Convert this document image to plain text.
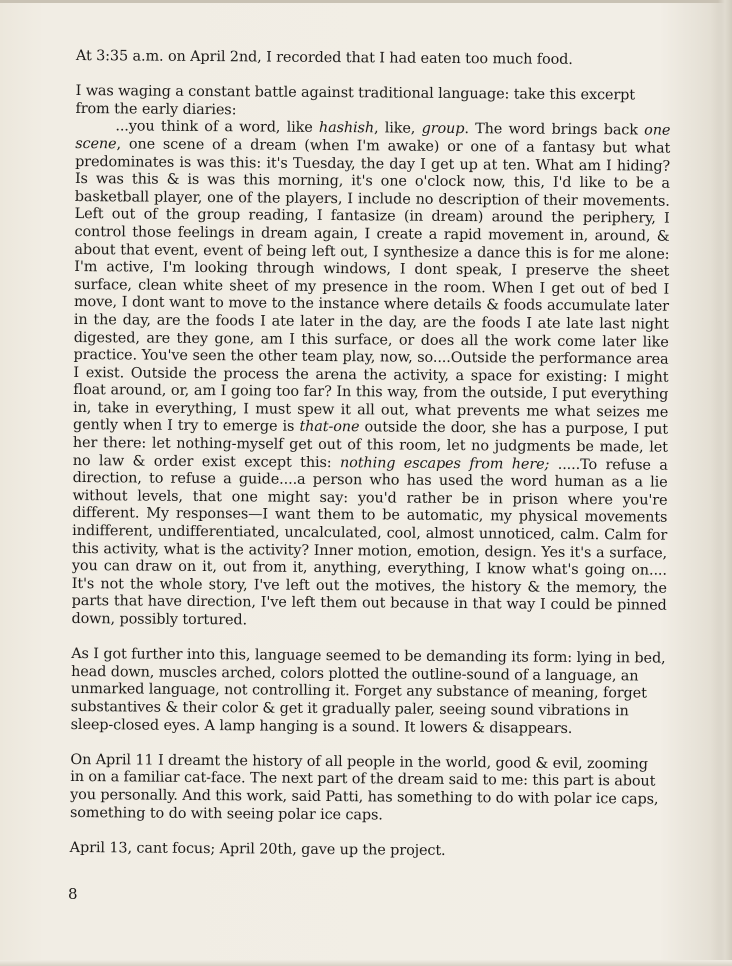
At 3:35 a.m. on April 2nd, I recorded that I had eaten too much food.

I was waging a constant battle against traditional language: take this excerpt from the early diaries:

...you think of a word, like hashish, like, group. The word brings back one scene, one scene of a dream (when I'm awake) or one of a fantasy but what predominates is was this: it's Tuesday, the day I get up at ten. What am I hiding? Is was this & is was this morning, it's one o'clock now, this, I'd like to be a basketball player, one of the players, I include no description of their movements. Left out of the group reading, I fantasize (in dream) around the periphery, I control those feelings in dream again, I create a rapid movement in, around, & about that event, event of being left out, I synthesize a dance this is for me alone: I'm active, I'm looking through windows, I dont speak, I preserve the sheet surface, clean white sheet of my presence in the room. When I get out of bed I move, I dont want to move to the instance where details & foods accumulate later in the day, are the foods I ate later in the day, are the foods I ate late last night digested, are they gone, am I this surface, or does all the work come later like practice. You've seen the other team play, now, so....Outside the performance area I exist. Outside the process the arena the activity, a space for existing: I might float around, or, am I going too far? In this way, from the outside, I put everything in, take in everything, I must spew it all out, what prevents me what seizes me gently when I try to emerge is that-one outside the door, she has a purpose, I put her there: let nothing-myself get out of this room, let no judgments be made, let no law & order exist except this: nothing escapes from here; .....To refuse a direction, to refuse a guide....a person who has used the word human as a lie without levels, that one might say: you'd rather be in prison where you're different. My responses—I want them to be automatic, my physical movements indifferent, undifferentiated, uncalculated, cool, almost unnoticed, calm. Calm for this activity, what is the activity? Inner motion, emotion, design. Yes it's a surface, you can draw on it, out from it, anything, everything, I know what's going on.... It's not the whole story, I've left out the motives, the history & the memory, the parts that have direction, I've left them out because in that way I could be pinned down, possibly tortured.

As I got further into this, language seemed to be demanding its form: lying in bed, head down, muscles arched, colors plotted the outline-sound of a language, an unmarked language, not controlling it. Forget any substance of meaning, forget substantives & their color & get it gradually paler, seeing sound vibrations in sleep-closed eyes. A lamp hanging is a sound. It lowers & disappears.

On April 11 I dreamt the history of all people in the world, good & evil, zooming in on a familiar cat-face. The next part of the dream said to me: this part is about you personally. And this work, said Patti, has something to do with polar ice caps, something to do with seeing polar ice caps.

April 13, cant focus; April 20th, gave up the project.

8
